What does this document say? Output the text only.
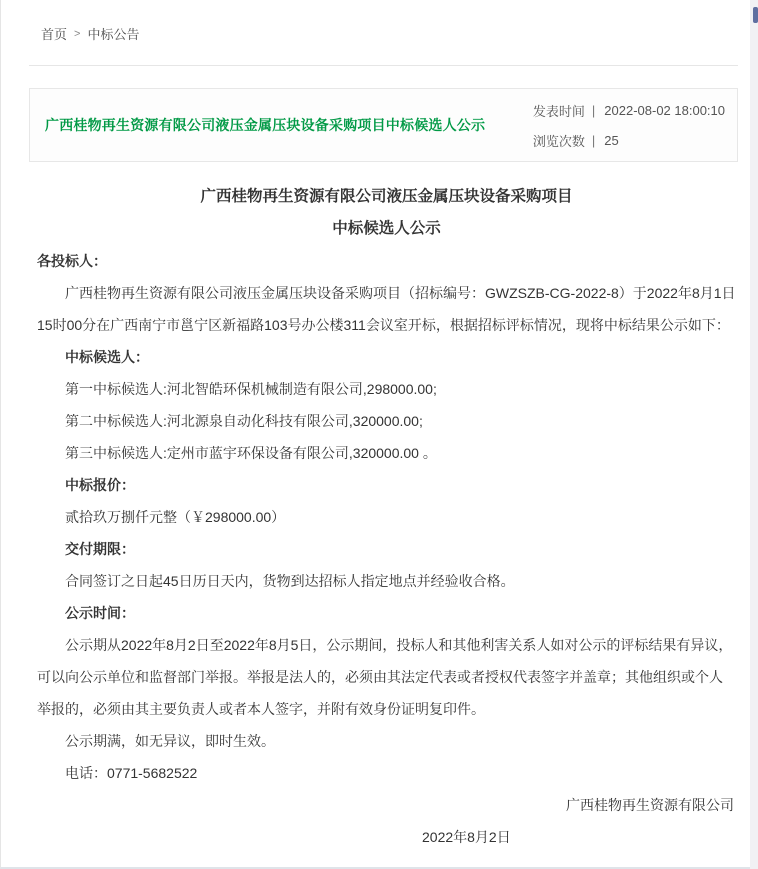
首页 > 中标公告
广西桂物再生资源有限公司液压金属压块设备采购项目中标候选人公示
发表时间 | 2022-08-02 18:00:10
浏览次数 | 25
广西桂物再生资源有限公司液压金属压块设备采购项目
中标候选人公示

各投标人：

广西桂物再生资源有限公司液压金属压块设备采购项目（招标编号：GWZSZB-CG-2022-8）于2022年8月1日15时00分在广西南宁市邕宁区新福路103号办公楼311会议室开标，根据招标评标情况，现将中标结果公示如下：

中标候选人：

第一中标候选人:河北智皓环保机械制造有限公司,298000.00;

第二中标候选人:河北源泉自动化科技有限公司,320000.00;

第三中标候选人:定州市蓝宇环保设备有限公司,320000.00 。

中标报价：

贰拾玖万捌仟元整（￥298000.00）

交付期限：

合同签订之日起45日历日天内，货物到达招标人指定地点并经验收合格。

公示时间：

公示期从2022年8月2日至2022年8月5日，公示期间，投标人和其他利害关系人如对公示的评标结果有异议，可以向公示单位和监督部门举报。举报是法人的，必须由其法定代表或者授权代表签字并盖章；其他组织或个人举报的，必须由其主要负责人或者本人签字，并附有效身份证明复印件。

公示期满，如无异议，即时生效。

电话：0771-5682522

广西桂物再生资源有限公司

2022年8月2日
